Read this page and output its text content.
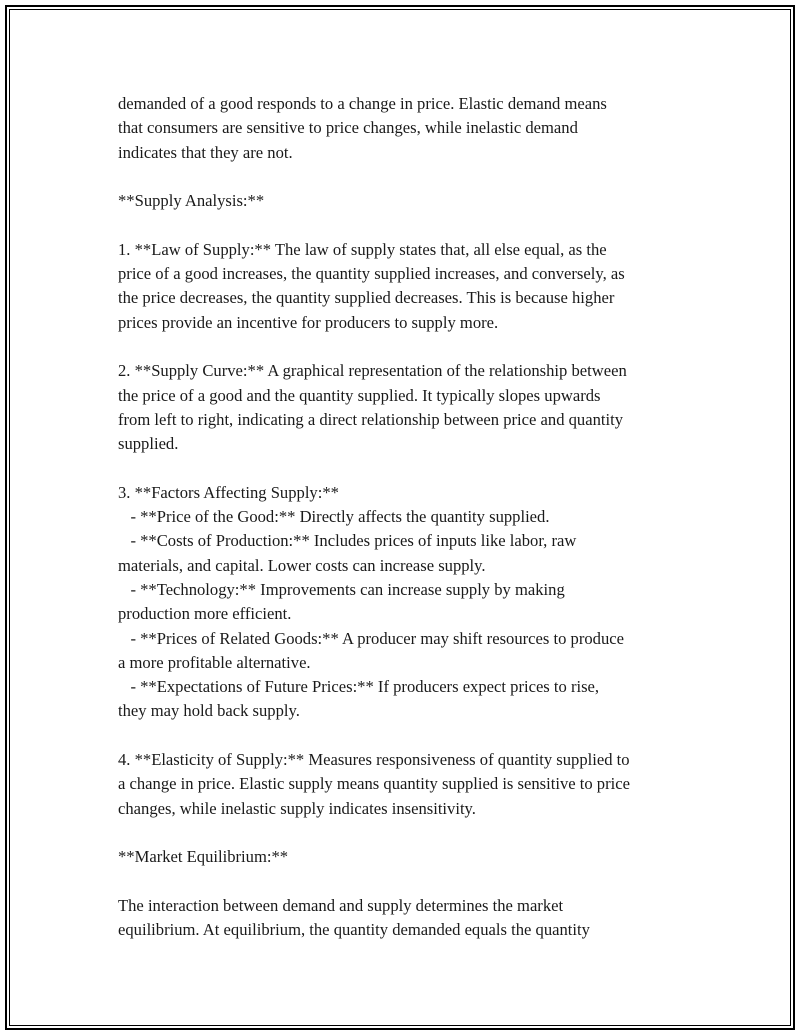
demanded of a good responds to a change in price. Elastic demand means
that consumers are sensitive to price changes, while inelastic demand
indicates that they are not.
**Supply Analysis:**
1. **Law of Supply:** The law of supply states that, all else equal, as the
price of a good increases, the quantity supplied increases, and conversely, as
the price decreases, the quantity supplied decreases. This is because higher
prices provide an incentive for producers to supply more.
2. **Supply Curve:** A graphical representation of the relationship between
the price of a good and the quantity supplied. It typically slopes upwards
from left to right, indicating a direct relationship between price and quantity
supplied.
3. **Factors Affecting Supply:**
- **Price of the Good:** Directly affects the quantity supplied.
- **Costs of Production:** Includes prices of inputs like labor, raw
materials, and capital. Lower costs can increase supply.
- **Technology:** Improvements can increase supply by making
production more efficient.
- **Prices of Related Goods:** A producer may shift resources to produce
a more profitable alternative.
- **Expectations of Future Prices:** If producers expect prices to rise,
they may hold back supply.
4. **Elasticity of Supply:** Measures responsiveness of quantity supplied to
a change in price. Elastic supply means quantity supplied is sensitive to price
changes, while inelastic supply indicates insensitivity.
**Market Equilibrium:**
The interaction between demand and supply determines the market
equilibrium. At equilibrium, the quantity demanded equals the quantity
